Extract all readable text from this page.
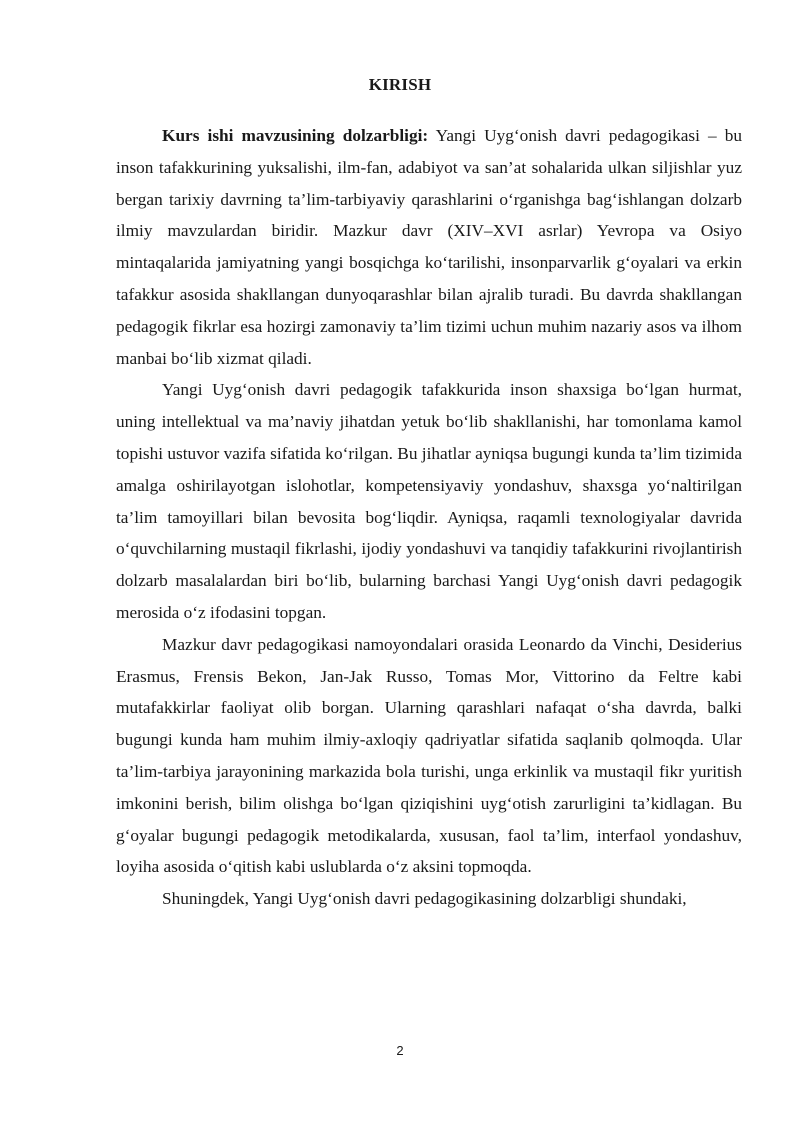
KIRISH

Kurs ishi mavzusining dolzarbligi: Yangi Uyg‘onish davri pedagogikasi – bu inson tafakkurining yuksalishi, ilm-fan, adabiyot va san’at sohalarida ulkan siljishlar yuz bergan tarixiy davrning ta’lim-tarbiyaviy qarashlarini o‘rganishga bag‘ishlangan dolzarb ilmiy mavzulardan biridir. Mazkur davr (XIV–XVI asrlar) Yevropa va Osiyo mintaqalarida jamiyatning yangi bosqichga ko‘tarilishi, insonparvarlik g‘oyalari va erkin tafakkur asosida shakllangan dunyoqarashlar bilan ajralib turadi. Bu davrda shakllangan pedagogik fikrlar esa hozirgi zamonaviy ta’lim tizimi uchun muhim nazariy asos va ilhom manbai bo‘lib xizmat qiladi.

Yangi Uyg‘onish davri pedagogik tafakkurida inson shaxsiga bo‘lgan hurmat, uning intellektual va ma’naviy jihatdan yetuk bo‘lib shakllanishi, har tomonlama kamol topishi ustuvor vazifa sifatida ko‘rilgan. Bu jihatlar ayniqsa bugungi kunda ta’lim tizimida amalga oshirilayotgan islohotlar, kompetensiyaviy yondashuv, shaxsga yo‘naltirilgan ta’lim tamoyillari bilan bevosita bog‘liqdir. Ayniqsa, raqamli texnologiyalar davrida o‘quvchilarning mustaqil fikrlashi, ijodiy yondashuvi va tanqidiy tafakkurini rivojlantirish dolzarb masalalardan biri bo‘lib, bularning barchasi Yangi Uyg‘onish davri pedagogik merosida o‘z ifodasini topgan.

Mazkur davr pedagogikasi namoyondalari orasida Leonardo da Vinchi, Desiderius Erasmus, Frensis Bekon, Jan-Jak Russo, Tomas Mor, Vittorino da Feltre kabi mutafakkirlar faoliyat olib borgan. Ularning qarashlari nafaqat o‘sha davrda, balki bugungi kunda ham muhim ilmiy-axloqiy qadriyatlar sifatida saqlanib qolmoqda. Ular ta’lim-tarbiya jarayonining markazida bola turishi, unga erkinlik va mustaqil fikr yuritish imkonini berish, bilim olishga bo‘lgan qiziqishini uyg‘otish zarurligini ta’kidlagan. Bu g‘oyalar bugungi pedagogik metodikalarda, xususan, faol ta’lim, interfaol yondashuv, loyiha asosida o‘qitish kabi uslublarda o‘z aksini topmoqda.

Shuningdek, Yangi Uyg‘onish davri pedagogikasining dolzarbligi shundaki,

2
